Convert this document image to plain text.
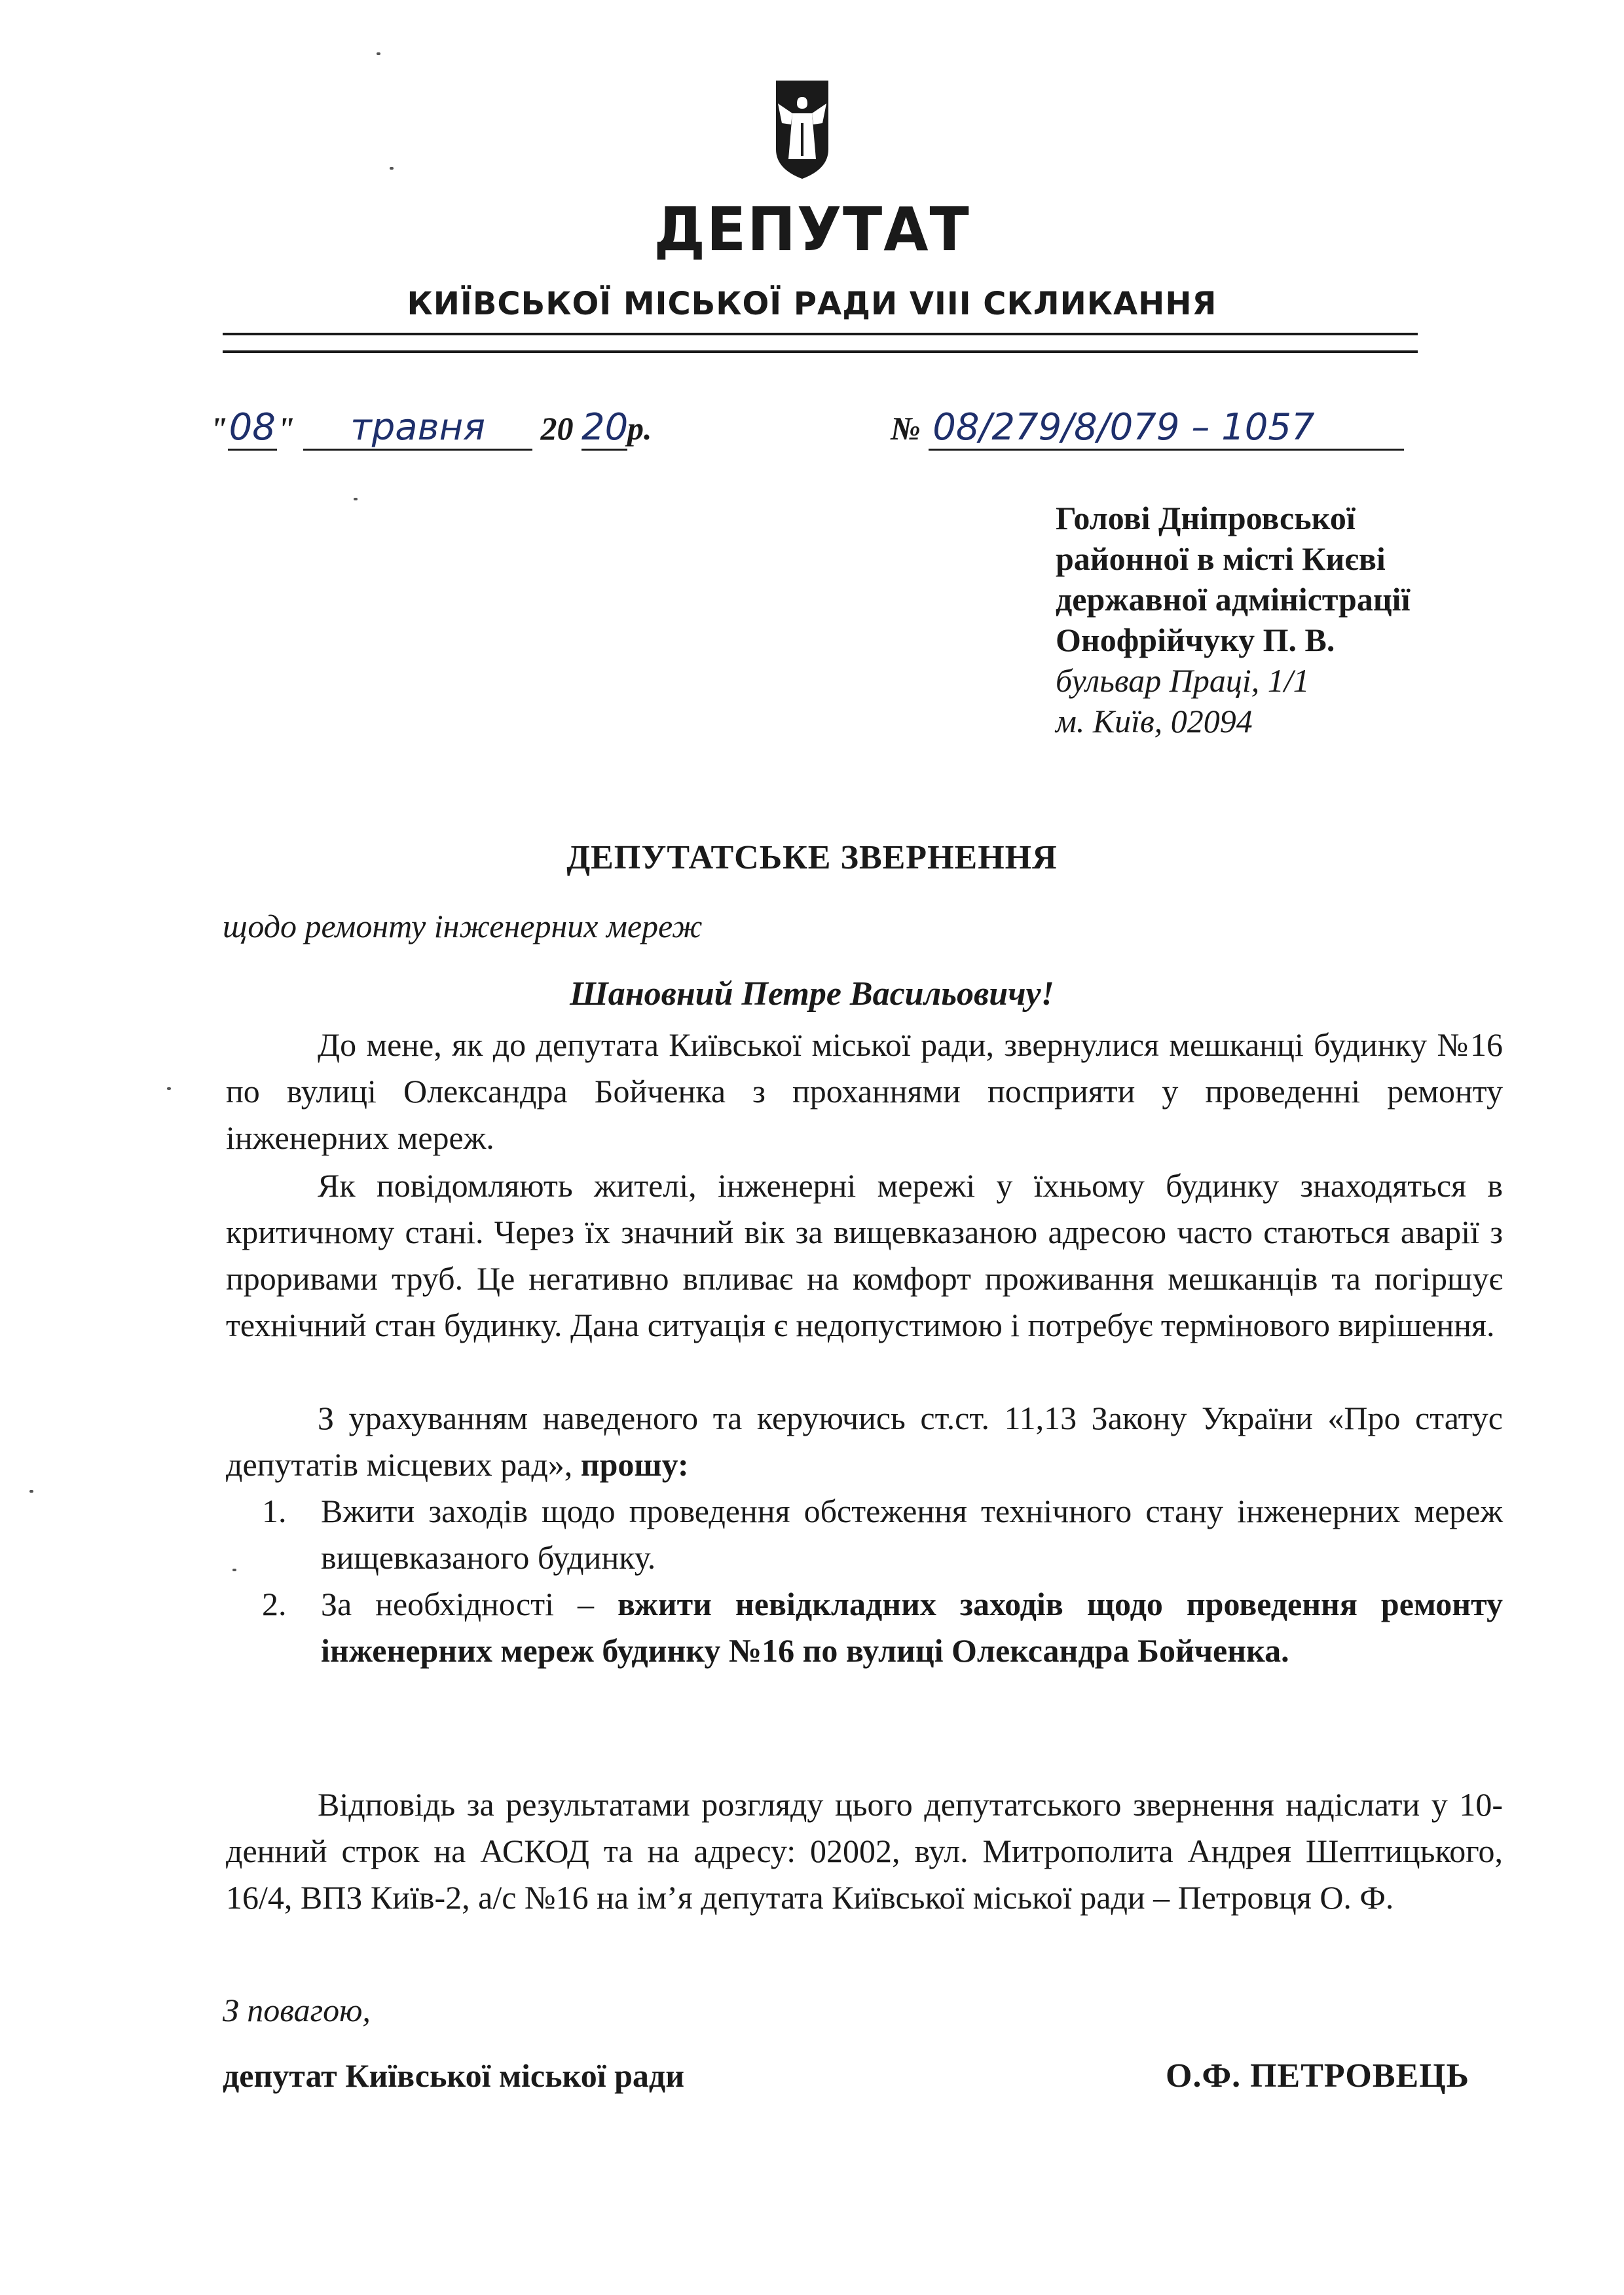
ДЕПУТАТ
КИЇВСЬКОЇ МІСЬКОЇ РАДИ VIII СКЛИКАННЯ
"08" травня 20 20р.	№ 08/279/8/079 – 1057
Голові Дніпровської
районної в місті Києві
державної адміністрації
Онофрійчуку П. В.
бульвар Праці, 1/1
м. Київ, 02094
ДЕПУТАТСЬКЕ ЗВЕРНЕННЯ
щодо ремонту інженерних мереж
Шановний Петре Васильовичу!

До мене, як до депутата Київської міської ради, звернулися мешканці будинку №16 по вулиці Олександра Бойченка з проханнями посприяти у проведенні ремонту інженерних мереж.

Як повідомляють жителі, інженерні мережі у їхньому будинку знаходяться в критичному стані. Через їх значний вік за вищевказаною адресою часто стаються аварії з проривами труб. Це негативно впливає на комфорт проживання мешканців та погіршує технічний стан будинку. Дана ситуація є недопустимою і потребує термінового вирішення.

З урахуванням наведеного та керуючись ст.ст. 11,13 Закону України «Про статус депутатів місцевих рад», прошу:

1. Вжити заходів щодо проведення обстеження технічного стану інженерних мереж вищевказаного будинку.
2. За необхідності – вжити невідкладних заходів щодо проведення ремонту інженерних мереж будинку №16 по вулиці Олександра Бойченка.

Відповідь за результатами розгляду цього депутатського звернення надіслати у 10-денний строк на АСКОД та на адресу: 02002, вул. Митрополита Андрея Шептицького, 16/4, ВПЗ Київ-2, а/с №16 на ім’я депутата Київської міської ради – Петровця О. Ф.

З повагою,
депутат Київської міської ради	О.Ф. ПЕТРОВЕЦЬ
